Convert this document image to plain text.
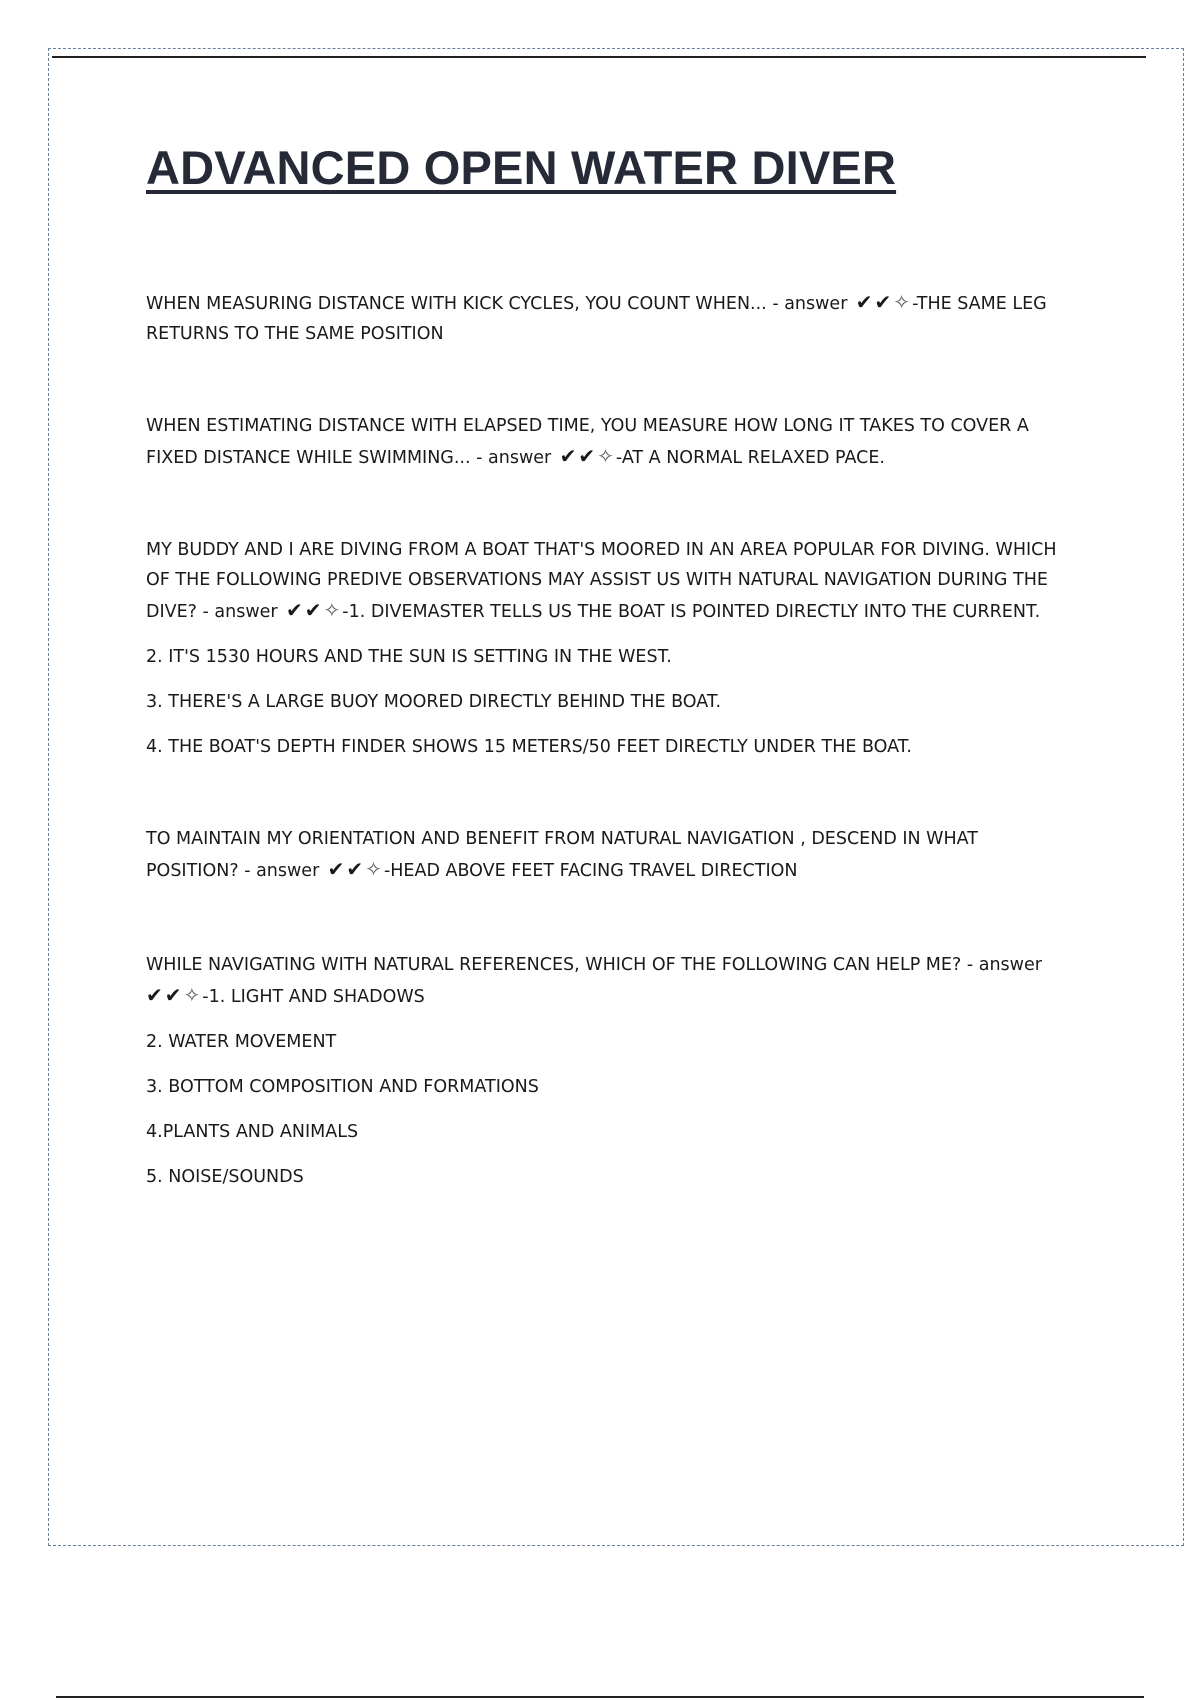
ADVANCED OPEN WATER DIVER

WHEN MEASURING DISTANCE WITH KICK CYCLES, YOU COUNT WHEN... - answer ✔✔✧-THE SAME LEG RETURNS TO THE SAME POSITION

WHEN ESTIMATING DISTANCE WITH ELAPSED TIME, YOU MEASURE HOW LONG IT TAKES TO COVER A FIXED DISTANCE WHILE SWIMMING... - answer ✔✔✧-AT A NORMAL RELAXED PACE.

MY BUDDY AND I ARE DIVING FROM A BOAT THAT'S MOORED IN AN AREA POPULAR FOR DIVING. WHICH OF THE FOLLOWING PREDIVE OBSERVATIONS MAY ASSIST US WITH NATURAL NAVIGATION DURING THE DIVE? - answer ✔✔✧-1. DIVEMASTER TELLS US THE BOAT IS POINTED DIRECTLY INTO THE CURRENT.

2. IT'S 1530 HOURS AND THE SUN IS SETTING IN THE WEST.

3. THERE'S A LARGE BUOY MOORED DIRECTLY BEHIND THE BOAT.

4. THE BOAT'S DEPTH FINDER SHOWS 15 METERS/50 FEET DIRECTLY UNDER THE BOAT.

TO MAINTAIN MY ORIENTATION AND BENEFIT FROM NATURAL NAVIGATION , DESCEND IN WHAT POSITION? - answer ✔✔✧-HEAD ABOVE FEET FACING TRAVEL DIRECTION

WHILE NAVIGATING WITH NATURAL REFERENCES, WHICH OF THE FOLLOWING CAN HELP ME? - answer ✔✔✧-1. LIGHT AND SHADOWS

2. WATER MOVEMENT

3. BOTTOM COMPOSITION AND FORMATIONS

4.PLANTS AND ANIMALS

5. NOISE/SOUNDS
